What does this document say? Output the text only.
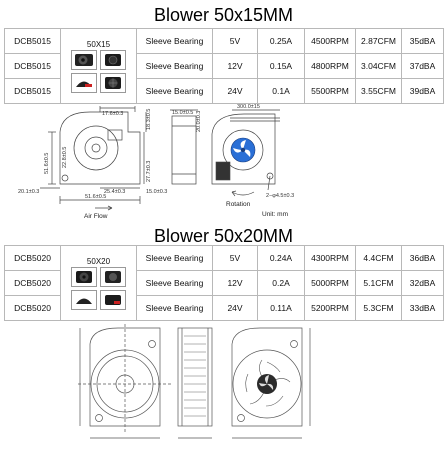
Blower 50x15MM
DCB5015	50X15	Sleeve Bearing	5V	0.25A	4500RPM	2.87CFM	35dBA
DCB5015		Sleeve Bearing	12V	0.15A	4800RPM	3.04CFM	37dBA
DCB5015		Sleeve Bearing	24V	0.1A	5500RPM	3.55CFM	39dBA
17.6±0.3	15.0±0.5 20.0±0.3
300.0±15
51.6±0.5 22.8±0.5
18.3±0.5
27.7±0.3
20.1±0.3	25.4±0.3	15.0±0.3
51.6±0.5	2−φ4.5±0.3
Air Flow
Rotation
Unit: mm
Blower 50x20MM
DCB5020	50X20	Sleeve Bearing	5V	0.24A	4300RPM	4.4CFM	36dBA
DCB5020		Sleeve Bearing	12V	0.2A	5000RPM	5.1CFM	32dBA
DCB5020		Sleeve Bearing	24V	0.11A	5200RPM	5.3CFM	33dBA
